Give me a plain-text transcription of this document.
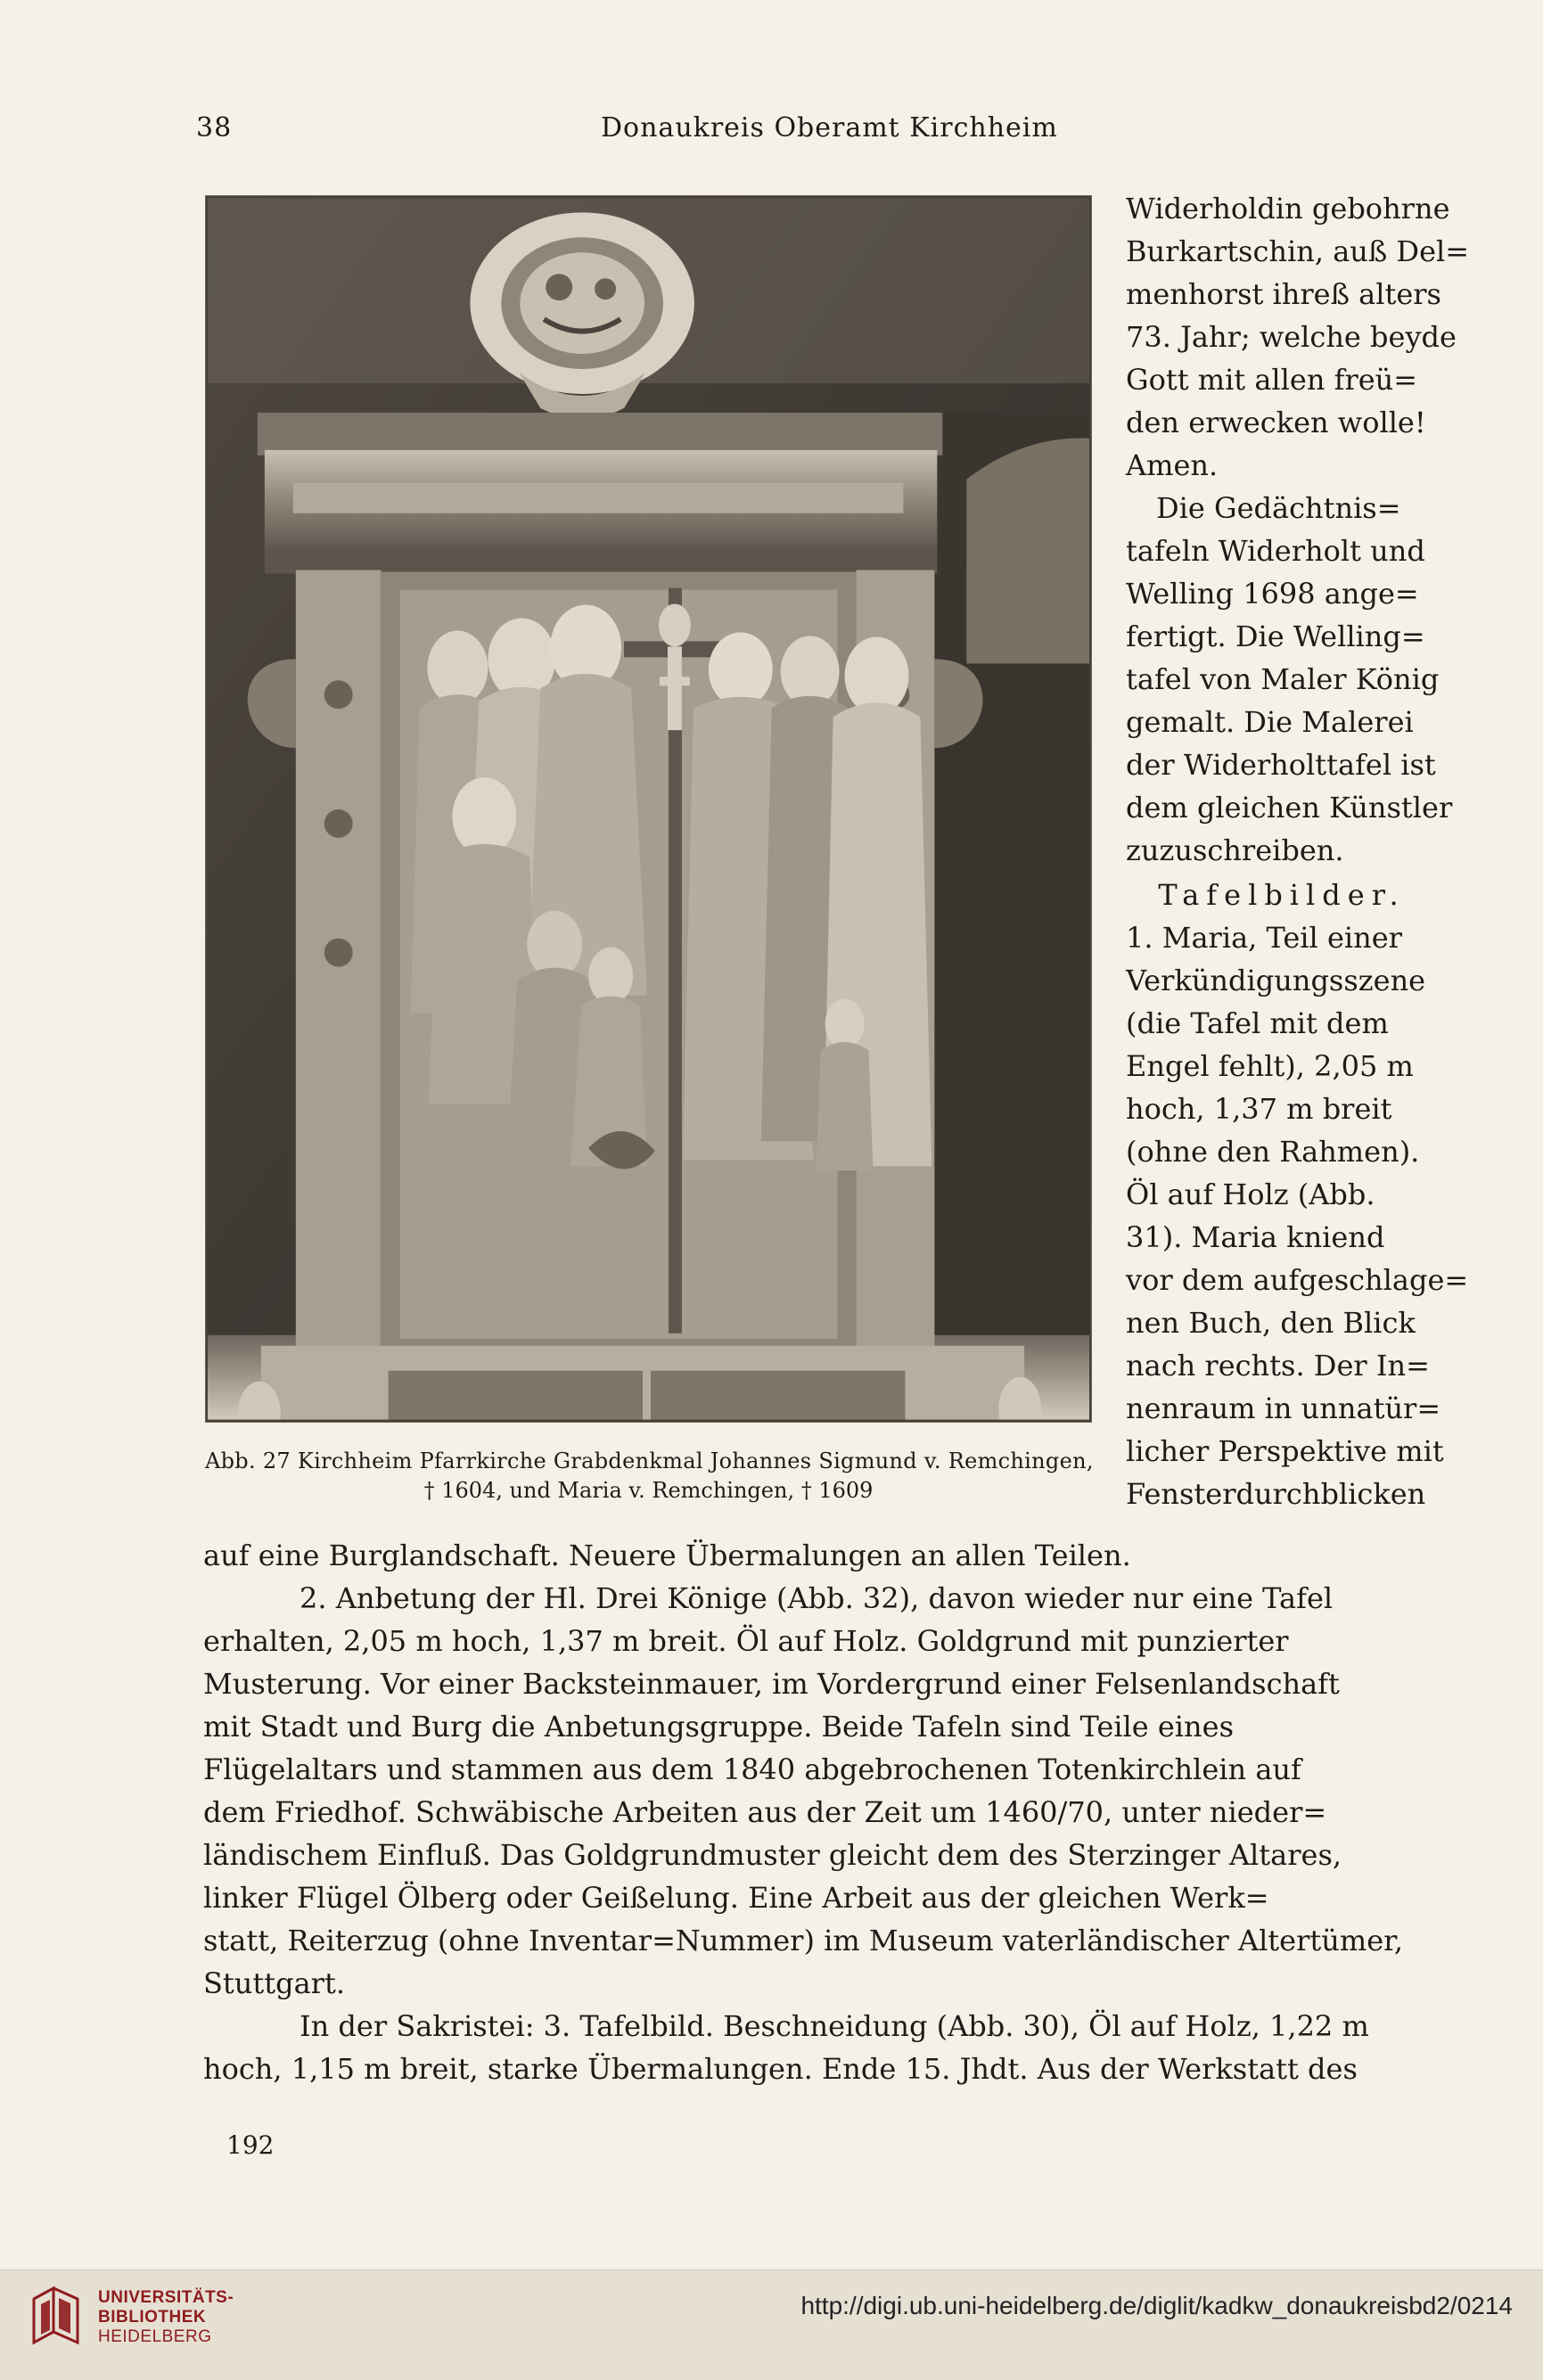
38	Donaukreis Oberamt Kirchheim
Abb. 27 Kirchheim Pfarrkirche Grabdenkmal Johannes Sigmund v. Remchingen,
† 1604, und Maria v. Remchingen, † 1609

Widerholdin gebohrne

Burkartschin, auß Del=

menhorst ihreß alters

73. Jahr; welche beyde

Gott mit allen freü=

den erwecken wolle!

Amen.

Die Gedächtnis=

tafeln Widerholt und

Welling 1698 ange=

fertigt. Die Welling=

tafel von Maler König

gemalt. Die Malerei

der Widerholttafel ist

dem gleichen Künstler

zuzuschreiben.

Tafelbilder.

1. Maria, Teil einer

Verkündigungsszene

(die Tafel mit dem

Engel fehlt), 2,05 m

hoch, 1,37 m breit

(ohne den Rahmen).

Öl auf Holz (Abb.

31). Maria kniend

vor dem aufgeschlage=

nen Buch, den Blick

nach rechts. Der In=

nenraum in unnatür=

licher Perspektive mit

Fensterdurchblicken

auf eine Burglandschaft. Neuere Übermalungen an allen Teilen.
2. Anbetung der Hl. Drei Könige (Abb. 32), davon wieder nur eine Tafel
erhalten, 2,05 m hoch, 1,37 m breit. Öl auf Holz. Goldgrund mit punzierter
Musterung. Vor einer Backsteinmauer, im Vordergrund einer Felsenlandschaft
mit Stadt und Burg die Anbetungsgruppe. Beide Tafeln sind Teile eines
Flügelaltars und stammen aus dem 1840 abgebrochenen Totenkirchlein auf
dem Friedhof. Schwäbische Arbeiten aus der Zeit um 1460/70, unter nieder=
ländischem Einfluß. Das Goldgrundmuster gleicht dem des Sterzinger Altares,
linker Flügel Ölberg oder Geißelung. Eine Arbeit aus der gleichen Werk=
statt, Reiterzug (ohne Inventar=Nummer) im Museum vaterländischer Altertümer,
Stuttgart.
In der Sakristei: 3. Tafelbild. Beschneidung (Abb. 30), Öl auf Holz, 1,22 m
hoch, 1,15 m breit, starke Übermalungen. Ende 15. Jhdt. Aus der Werkstatt des
192
UNIVERSITÄTS-
BIBLIOTHEK
HEIDELBERG
http://digi.ub.uni-heidelberg.de/diglit/kadkw_donaukreisbd2/0214
